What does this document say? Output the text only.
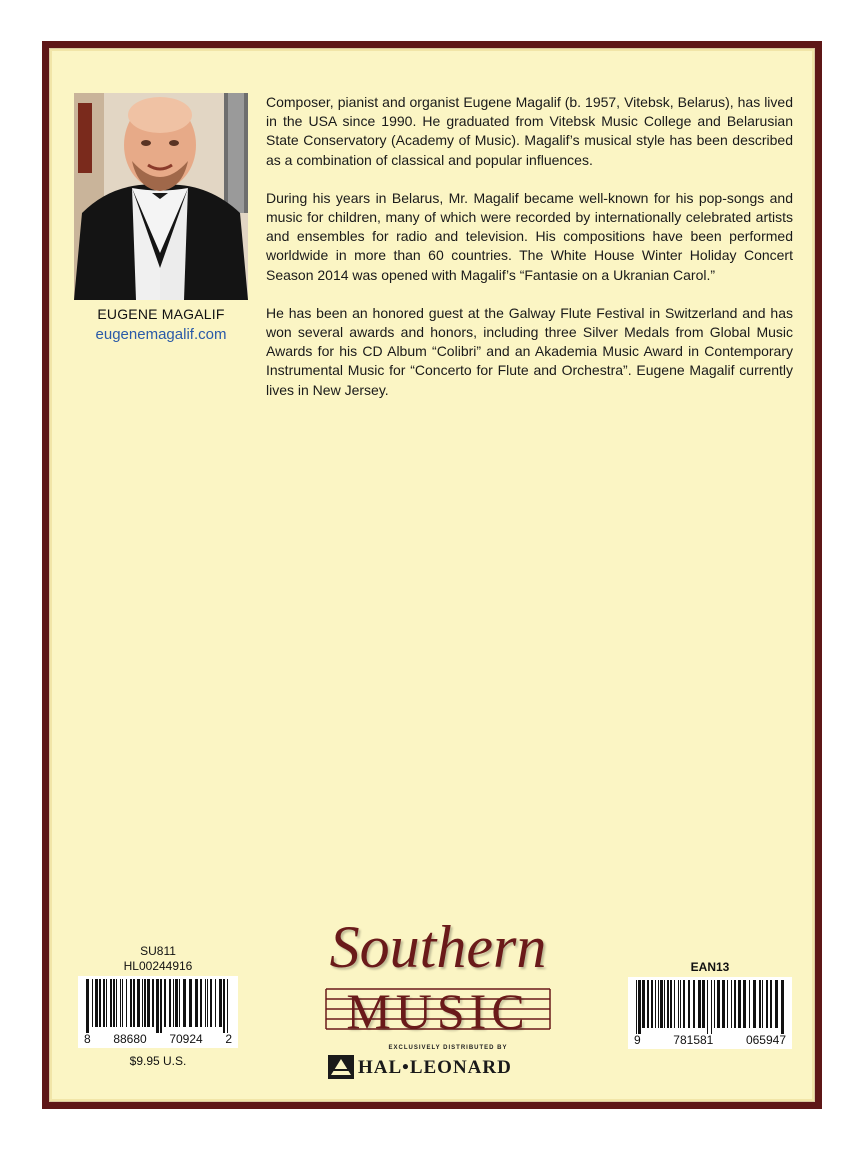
EUGENE MAGALIF
eugenemagalif.com

Composer, pianist and organist Eugene Magalif (b. 1957, Vitebsk, Belarus), has lived in the USA since 1990. He graduated from Vitebsk Music College and Belarusian State Conservatory (Academy of Music). Magalif’s musical style has been described as a combination of classical and popular influences.

During his years in Belarus, Mr. Magalif became well-known for his pop-songs and music for children, many of which were recorded by internationally celebrated artists and ensembles for radio and television. His compositions have been performed worldwide in more than 60 countries. The White House Winter Holiday Concert Season 2014 was opened with Magalif’s “Fantasie on a Ukranian Carol.”

He has been an honored guest at the Galway Flute Festival in Switzerland and has won several awards and honors, including three Silver Medals from Global Music Awards for his CD Album “Colibri” and an Akademia Music Award in Contemporary Instrumental Music for “Concerto for Flute and Orchestra”. Eugene Magalif currently lives in New Jersey.

SU811
HL00244916
8 88680 70924 2
$9.95 U.S.
Southern
MUSIC
EXCLUSIVELY DISTRIBUTED BY
HAL•LEONARD
EAN13
9	781581	065947
